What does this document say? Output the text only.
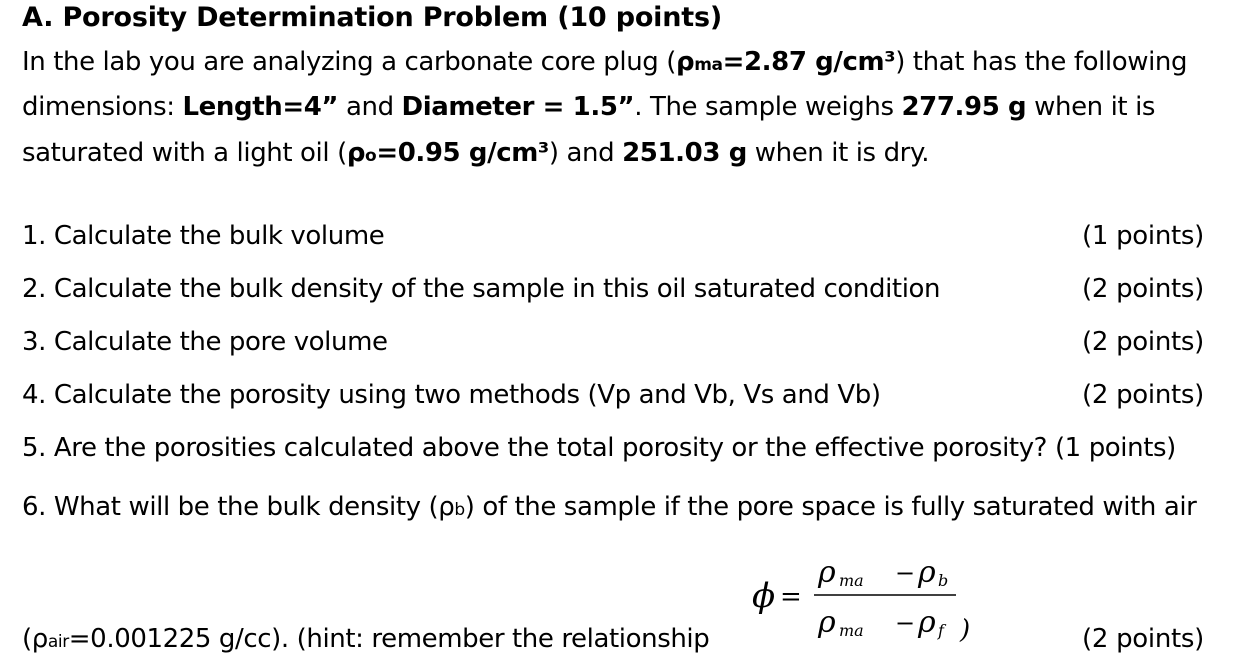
A. Porosity Determination Problem (10 points)
In the lab you are analyzing a carbonate core plug (ρma=2.87 g/cm³) that has the following
dimensions: Length=4” and Diameter = 1.5”. The sample weighs 277.95 g when it is
saturated with a light oil (ρo=0.95 g/cm³) and 251.03 g when it is dry.
1. Calculate the bulk volume	(1 points)
2. Calculate the bulk density of the sample in this oil saturated condition	(2 points)
3. Calculate the pore volume	(2 points)
4. Calculate the porosity using two methods (Vp and Vb, Vs and Vb)	(2 points)
5. Are the porosities calculated above the total porosity or the effective porosity? (1 points)
6. What will be the bulk density (ρb) of the sample if the pore space is fully saturated with air
(ρair=0.001225 g/cc). (hint: remember the relationship
ϕ =
ρ ma − ρ b
ρ ma − ρ f )	(2 points)
